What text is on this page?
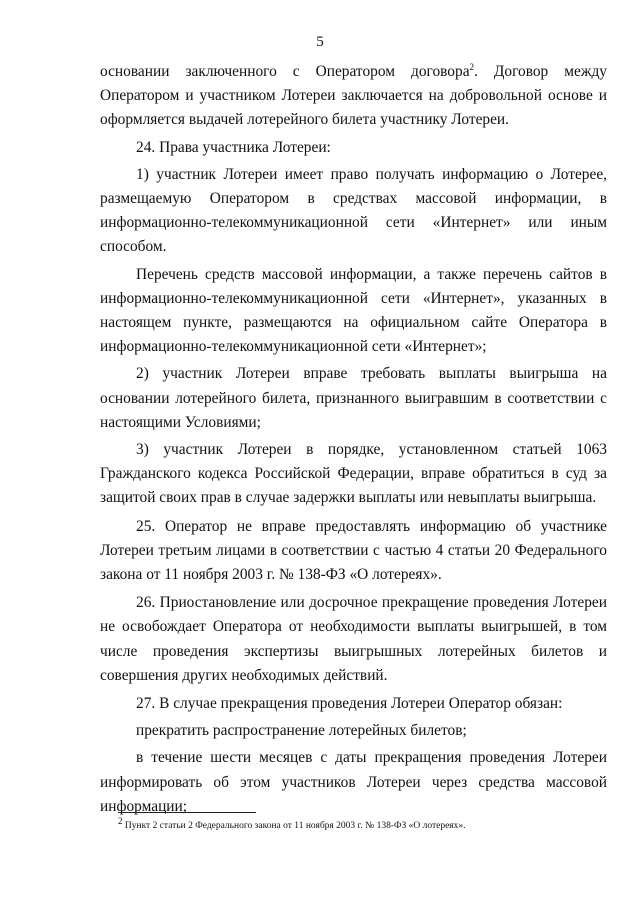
5

основании заключенного с Оператором договора$^2$. Договор между Оператором и участником Лотереи заключается на добровольной основе и оформляется выдачей лотерейного билета участнику Лотереи.

24. Права участника Лотереи:

1) участник Лотереи имеет право получать информацию о Лотерее, размещаемую Оператором в средствах массовой информации, в информационно-телекоммуникационной сети «Интернет» или иным способом.

Перечень средств массовой информации, а также перечень сайтов в информационно-телекоммуникационной сети «Интернет», указанных в настоящем пункте, размещаются на официальном сайте Оператора в информационно-телекоммуникационной сети «Интернет»;

2) участник Лотереи вправе требовать выплаты выигрыша на основании лотерейного билета, признанного выигравшим в соответствии с настоящими Условиями;

3) участник Лотереи в порядке, установленном статьей 1063 Гражданского кодекса Российской Федерации, вправе обратиться в суд за защитой своих прав в случае задержки выплаты или невыплаты выигрыша.

25. Оператор не вправе предоставлять информацию об участнике Лотереи третьим лицами в соответствии с частью 4 статьи 20 Федерального закона от 11 ноября 2003 г. № 138-ФЗ «О лотереях».

26. Приостановление или досрочное прекращение проведения Лотереи не освобождает Оператора от необходимости выплаты выигрышей, в том числе проведения экспертизы выигрышных лотерейных билетов и совершения других необходимых действий.

27. В случае прекращения проведения Лотереи Оператор обязан:

прекратить распространение лотерейных билетов;

в течение шести месяцев с даты прекращения проведения Лотереи информировать об этом участников Лотереи через средства массовой информации;

$^2$ Пункт 2 статьи 2 Федерального закона от 11 ноября 2003 г. № 138-ФЗ «О лотереях».
